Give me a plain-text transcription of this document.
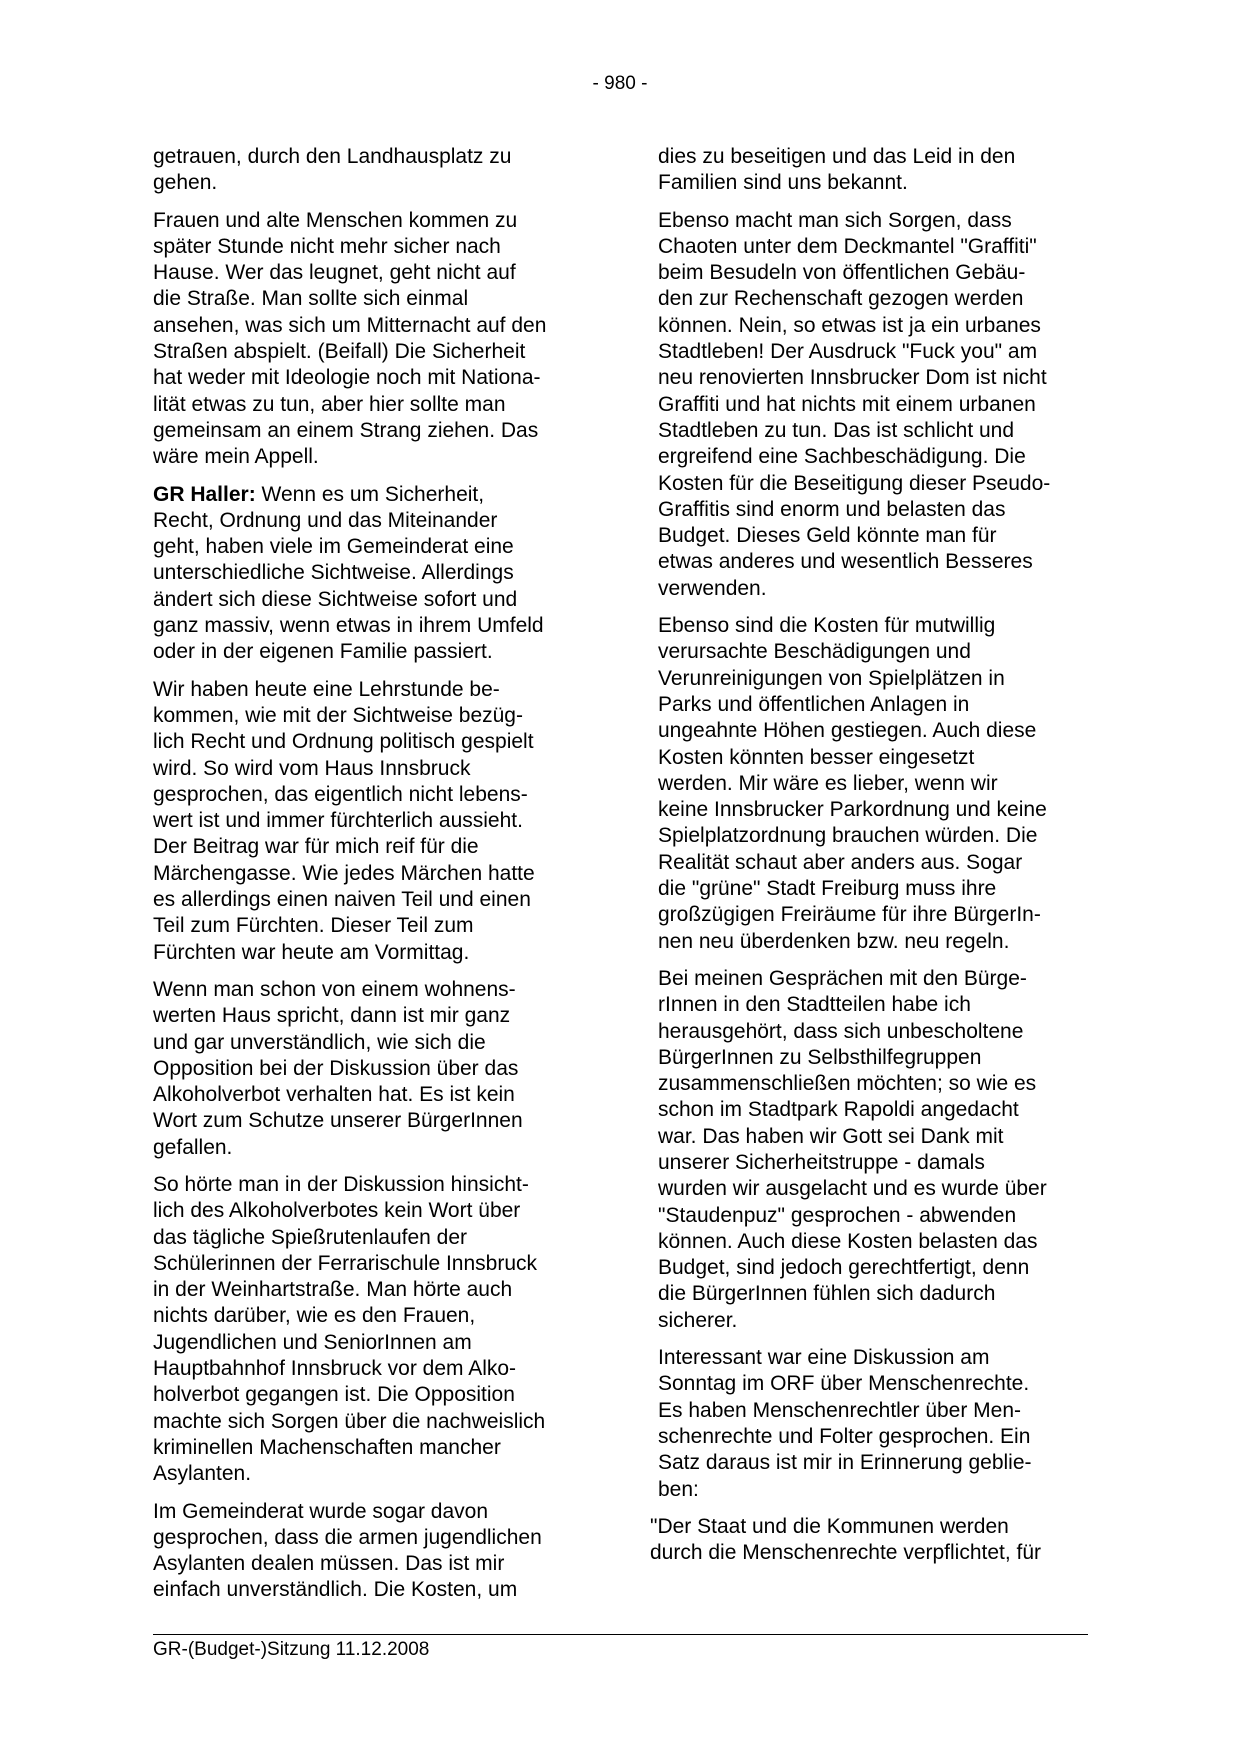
- 980 -
getrauen, durch den Landhausplatz zu
gehen.
Frauen und alte Menschen kommen zu
später Stunde nicht mehr sicher nach
Hause. Wer das leugnet, geht nicht auf
die Straße. Man sollte sich einmal
ansehen, was sich um Mitternacht auf den
Straßen abspielt. (Beifall) Die Sicherheit
hat weder mit Ideologie noch mit Nationa-
lität etwas zu tun, aber hier sollte man
gemeinsam an einem Strang ziehen. Das
wäre mein Appell.
GR Haller: Wenn es um Sicherheit,
Recht, Ordnung und das Miteinander
geht, haben viele im Gemeinderat eine
unterschiedliche Sichtweise. Allerdings
ändert sich diese Sichtweise sofort und
ganz massiv, wenn etwas in ihrem Umfeld
oder in der eigenen Familie passiert.
Wir haben heute eine Lehrstunde be-
kommen, wie mit der Sichtweise bezüg-
lich Recht und Ordnung politisch gespielt
wird. So wird vom Haus Innsbruck
gesprochen, das eigentlich nicht lebens-
wert ist und immer fürchterlich aussieht.
Der Beitrag war für mich reif für die
Märchengasse. Wie jedes Märchen hatte
es allerdings einen naiven Teil und einen
Teil zum Fürchten. Dieser Teil zum
Fürchten war heute am Vormittag.
Wenn man schon von einem wohnens-
werten Haus spricht, dann ist mir ganz
und gar unverständlich, wie sich die
Opposition bei der Diskussion über das
Alkoholverbot verhalten hat. Es ist kein
Wort zum Schutze unserer BürgerInnen
gefallen.
So hörte man in der Diskussion hinsicht-
lich des Alkoholverbotes kein Wort über
das tägliche Spießrutenlaufen der
Schülerinnen der Ferrarischule Innsbruck
in der Weinhartstraße. Man hörte auch
nichts darüber, wie es den Frauen,
Jugendlichen und SeniorInnen am
Hauptbahnhof Innsbruck vor dem Alko-
holverbot gegangen ist. Die Opposition
machte sich Sorgen über die nachweislich
kriminellen Machenschaften mancher
Asylanten.
Im Gemeinderat wurde sogar davon
gesprochen, dass die armen jugendlichen
Asylanten dealen müssen. Das ist mir
einfach unverständlich. Die Kosten, um
dies zu beseitigen und das Leid in den
Familien sind uns bekannt.
Ebenso macht man sich Sorgen, dass
Chaoten unter dem Deckmantel "Graffiti"
beim Besudeln von öffentlichen Gebäu-
den zur Rechenschaft gezogen werden
können. Nein, so etwas ist ja ein urbanes
Stadtleben! Der Ausdruck "Fuck you" am
neu renovierten Innsbrucker Dom ist nicht
Graffiti und hat nichts mit einem urbanen
Stadtleben zu tun. Das ist schlicht und
ergreifend eine Sachbeschädigung. Die
Kosten für die Beseitigung dieser Pseudo-
Graffitis sind enorm und belasten das
Budget. Dieses Geld könnte man für
etwas anderes und wesentlich Besseres
verwenden.
Ebenso sind die Kosten für mutwillig
verursachte Beschädigungen und
Verunreinigungen von Spielplätzen in
Parks und öffentlichen Anlagen in
ungeahnte Höhen gestiegen. Auch diese
Kosten könnten besser eingesetzt
werden. Mir wäre es lieber, wenn wir
keine Innsbrucker Parkordnung und keine
Spielplatzordnung brauchen würden. Die
Realität schaut aber anders aus. Sogar
die "grüne" Stadt Freiburg muss ihre
großzügigen Freiräume für ihre BürgerIn-
nen neu überdenken bzw. neu regeln.
Bei meinen Gesprächen mit den Bürge-
rInnen in den Stadtteilen habe ich
herausgehört, dass sich unbescholtene
BürgerInnen zu Selbsthilfegruppen
zusammenschließen möchten; so wie es
schon im Stadtpark Rapoldi angedacht
war. Das haben wir Gott sei Dank mit
unserer Sicherheitstruppe - damals
wurden wir ausgelacht und es wurde über
"Staudenpuz" gesprochen - abwenden
können. Auch diese Kosten belasten das
Budget, sind jedoch gerechtfertigt, denn
die BürgerInnen fühlen sich dadurch
sicherer.
Interessant war eine Diskussion am
Sonntag im ORF über Menschenrechte.
Es haben Menschenrechtler über Men-
schenrechte und Folter gesprochen. Ein
Satz daraus ist mir in Erinnerung geblie-
ben:
"Der Staat und die Kommunen werden
durch die Menschenrechte verpflichtet, für
GR-(Budget-)Sitzung 11.12.2008
